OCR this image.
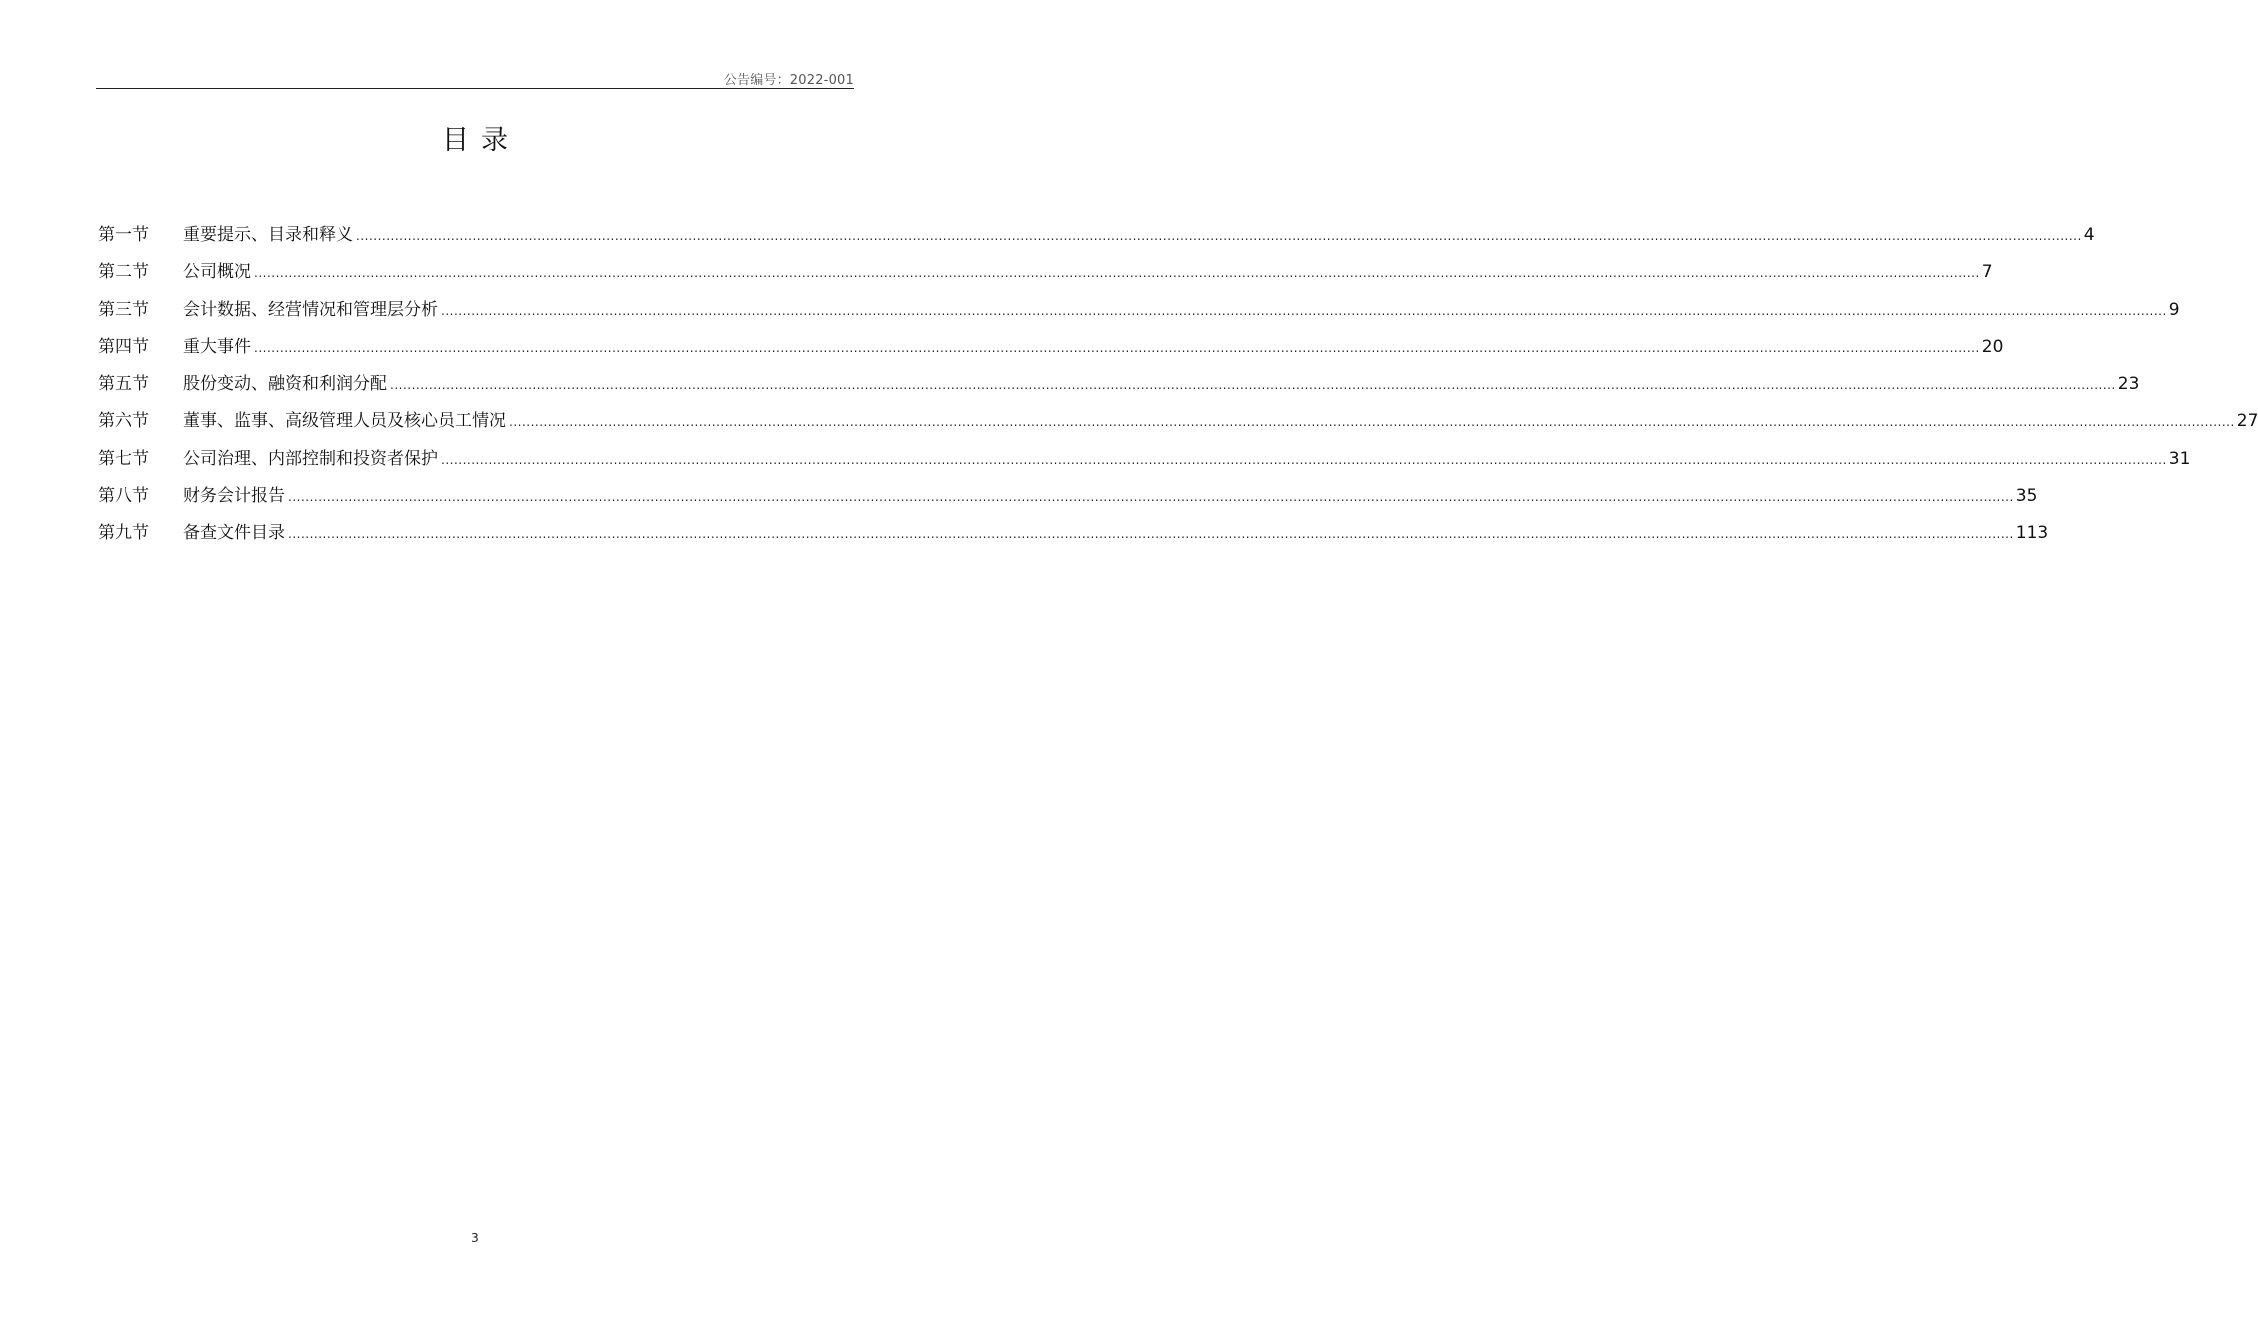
公告编号：2022-001
目录
第一节	重要提示、目录和释义 ................................................................................................................................................................................................................................................................................................................................................................................................................ 4
第二节	公司概况 ................................................................................................................................................................................................................................................................................................................................................................................................................ 7
第三节	会计数据、经营情况和管理层分析 ................................................................................................................................................................................................................................................................................................................................................................................................................ 9
第四节	重大事件 ................................................................................................................................................................................................................................................................................................................................................................................................................ 20
第五节	股份变动、融资和利润分配 ................................................................................................................................................................................................................................................................................................................................................................................................................ 23
第六节	董事、监事、高级管理人员及核心员工情况 ................................................................................................................................................................................................................................................................................................................................................................................................................ 27
第七节	公司治理、内部控制和投资者保护 ................................................................................................................................................................................................................................................................................................................................................................................................................ 31
第八节	财务会计报告 ................................................................................................................................................................................................................................................................................................................................................................................................................ 35
第九节	备查文件目录 ................................................................................................................................................................................................................................................................................................................................................................................................................ 113
3
